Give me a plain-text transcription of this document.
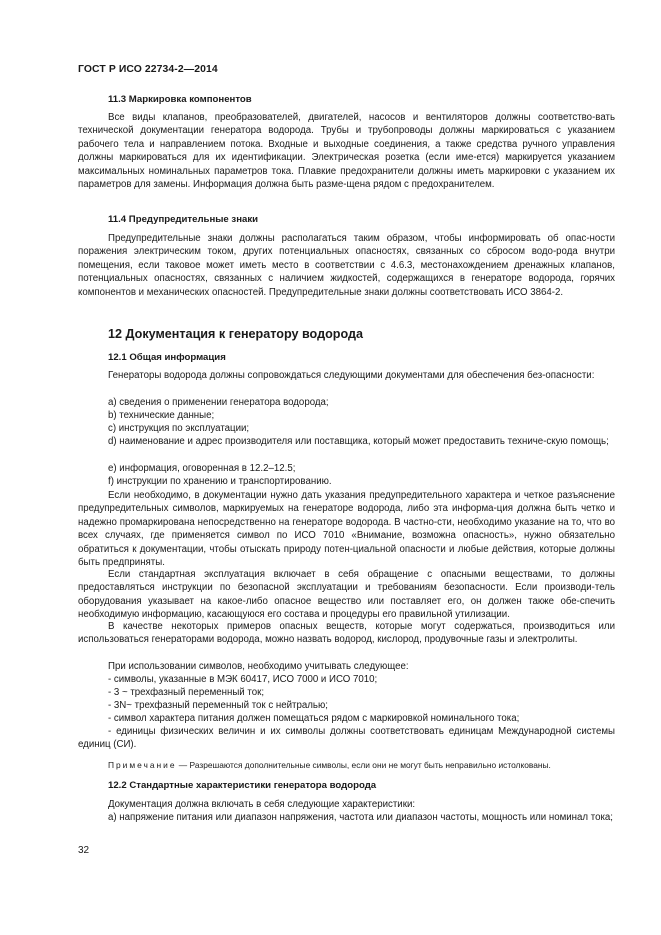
ГОСТ Р ИСО 22734-2—2014
11.3 Маркировка компонентов
Все виды клапанов, преобразователей, двигателей, насосов и вентиляторов должны соответство-вать технической документации генератора водорода. Трубы и трубопроводы должны маркироваться с указанием рабочего тела и направлением потока. Входные и выходные соединения, а также средства ручного управления должны маркироваться для их идентификации. Электрическая розетка (если име-ется) маркируется указанием максимальных номинальных параметров тока. Плавкие предохранители должны иметь маркировки с указанием их параметров для замены. Информация должна быть разме-щена рядом с предохранителем.
11.4 Предупредительные знаки
Предупредительные знаки должны располагаться таким образом, чтобы информировать об опас-ности поражения электрическим током, других потенциальных опасностях, связанных со сбросом водо-рода внутри помещения, если таковое может иметь место в соответствии с 4.6.3, местонахождением дренажных клапанов, потенциальных опасностях, связанных с наличием жидкостей, содержащихся в генераторе водорода, горячих компонентов и механических опасностей. Предупредительные знаки должны соответствовать ИСО 3864-2.
12 Документация к генератору водорода
12.1 Общая информация
Генераторы водорода должны сопровождаться следующими документами для обеспечения без-опасности:
а) сведения о применении генератора водорода;
b) технические данные;
с) инструкция по эксплуатации;
d) наименование и адрес производителя или поставщика, который может предоставить техниче-скую помощь;
е) информация, оговоренная в 12.2–12.5;
f) инструкции по хранению и транспортированию.
Если необходимо, в документации нужно дать указания предупредительного характера и четкое разъяснение предупредительных символов, маркируемых на генераторе водорода, либо эта информа-ция должна быть четко и надежно промаркирована непосредственно на генераторе водорода. В частно-сти, необходимо указание на то, что во всех случаях, где применяется символ по ИСО 7010 «Внимание, возможна опасность», нужно обязательно обратиться к документации, чтобы отыскать природу потен-циальной опасности и любые действия, которые должны быть предприняты.
Если стандартная эксплуатация включает в себя обращение с опасными веществами, то должны предоставляться инструкции по безопасной эксплуатации и требованиям безопасности. Если производи-тель оборудования указывает на какое-либо опасное вещество или поставляет его, он должен также обе-спечить необходимую информацию, касающуюся его состава и процедуры его правильной утилизации.
В качестве некоторых примеров опасных веществ, которые могут содержаться, производиться или использоваться генераторами водорода, можно назвать водород, кислород, продувочные газы и электролиты.
При использовании символов, необходимо учитывать следующее:
- символы, указанные в МЭК 60417, ИСО 7000 и ИСО 7010;
- 3 ~ трехфазный переменный ток;
- 3N~ трехфазный переменный ток с нейтралью;
- символ характера питания должен помещаться рядом с маркировкой номинального тока;
- единицы физических величин и их символы должны соответствовать единицам Международной системы единиц (СИ).
Примечание — Разрешаются дополнительные символы, если они не могут быть неправильно истолкованы.
12.2 Стандартные характеристики генератора водорода
Документация должна включать в себя следующие характеристики:
а) напряжение питания или диапазон напряжения, частота или диапазон частоты, мощность или номинал тока;
32
